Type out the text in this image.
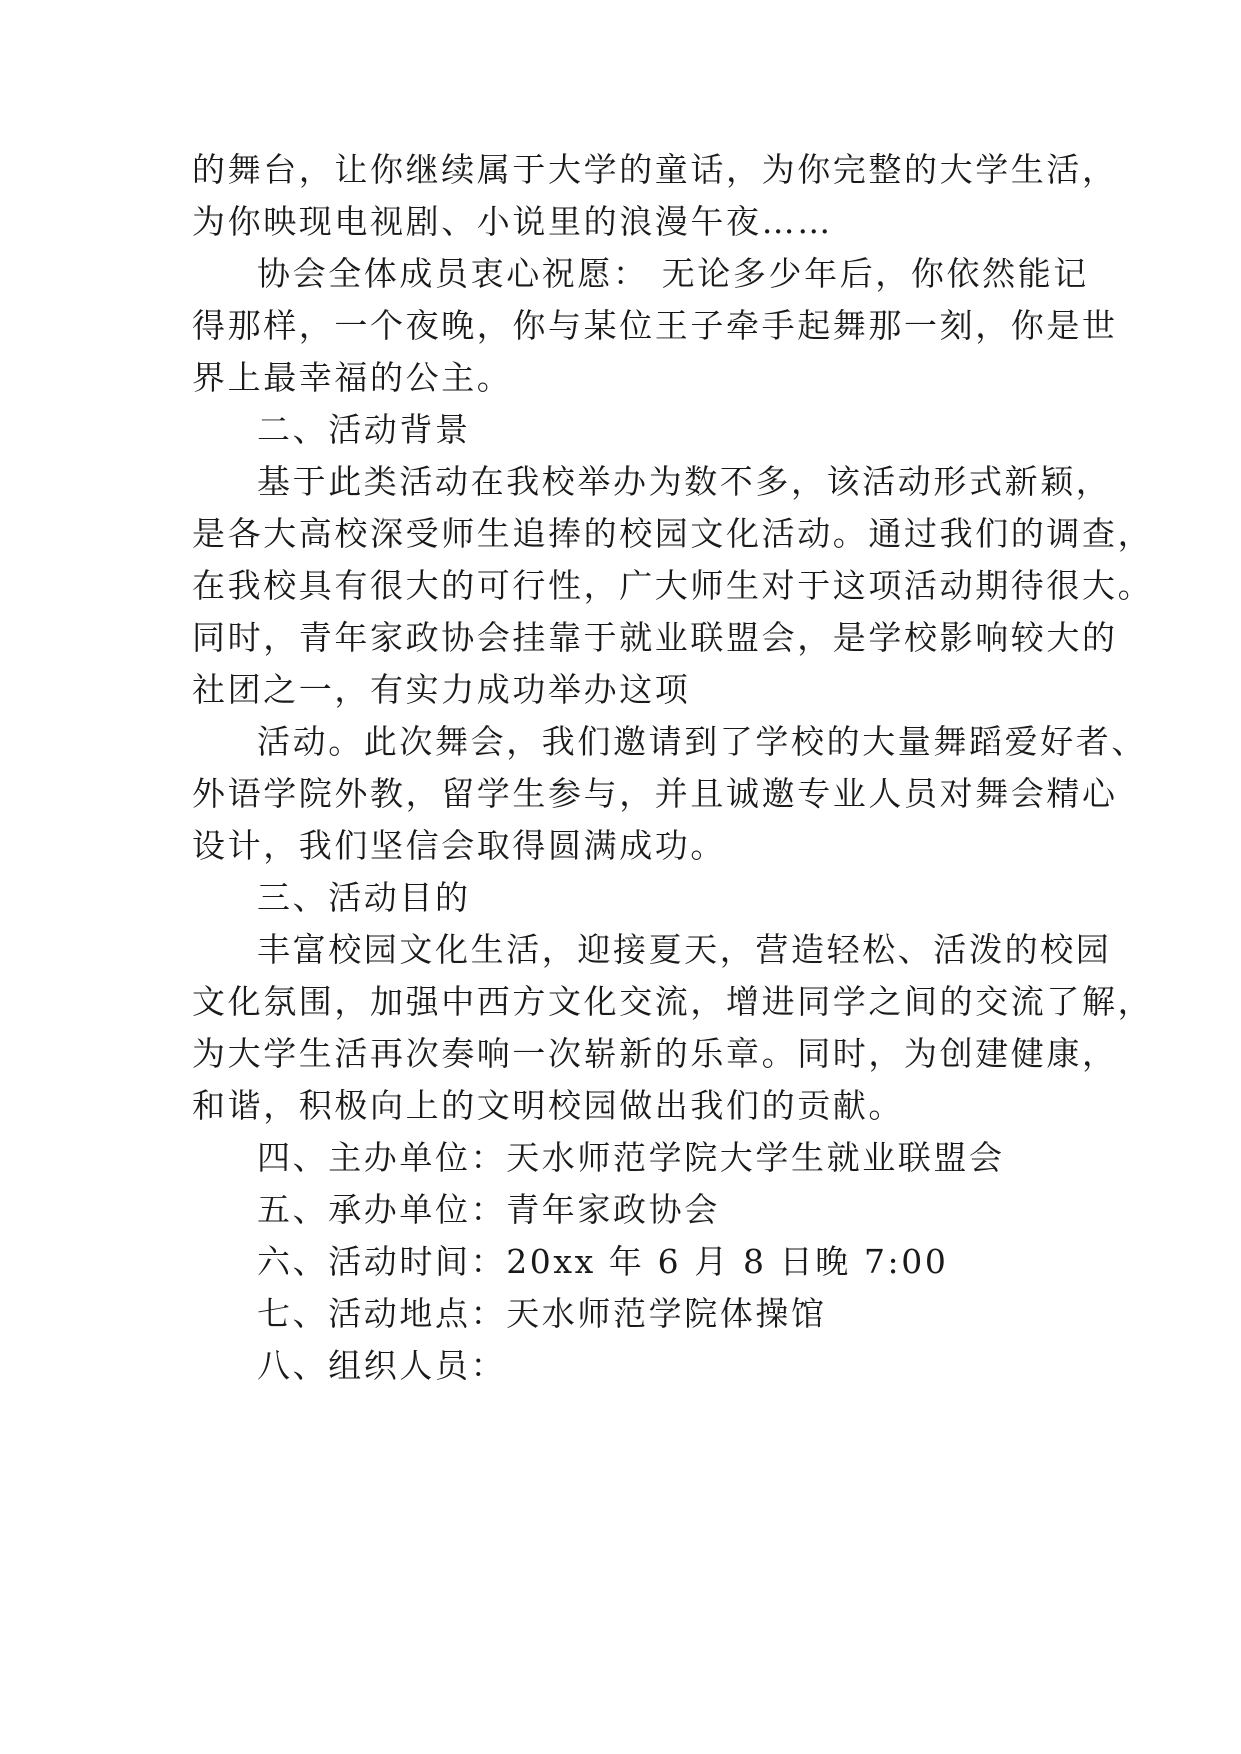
的舞台，让你继续属于大学的童话，为你完整的大学生活，
为你映现电视剧、小说里的浪漫午夜……
协会全体成员衷心祝愿： 无论多少年后，你依然能记
得那样，一个夜晚，你与某位王子牵手起舞那一刻，你是世
界上最幸福的公主。
二、活动背景
基于此类活动在我校举办为数不多，该活动形式新颖，
是各大高校深受师生追捧的校园文化活动。通过我们的调查，
在我校具有很大的可行性，广大师生对于这项活动期待很大。
同时，青年家政协会挂靠于就业联盟会，是学校影响较大的
社团之一，有实力成功举办这项
活动。此次舞会，我们邀请到了学校的大量舞蹈爱好者、
外语学院外教，留学生参与，并且诚邀专业人员对舞会精心
设计，我们坚信会取得圆满成功。
三、活动目的
丰富校园文化生活，迎接夏天，营造轻松、活泼的校园
文化氛围，加强中西方文化交流，增进同学之间的交流了解，
为大学生活再次奏响一次崭新的乐章。同时，为创建健康，
和谐，积极向上的文明校园做出我们的贡献。
四、主办单位：天水师范学院大学生就业联盟会
五、承办单位：青年家政协会
六、活动时间：20xx 年 6 月 8 日晚 7:00
七、活动地点：天水师范学院体操馆
八、组织人员：
